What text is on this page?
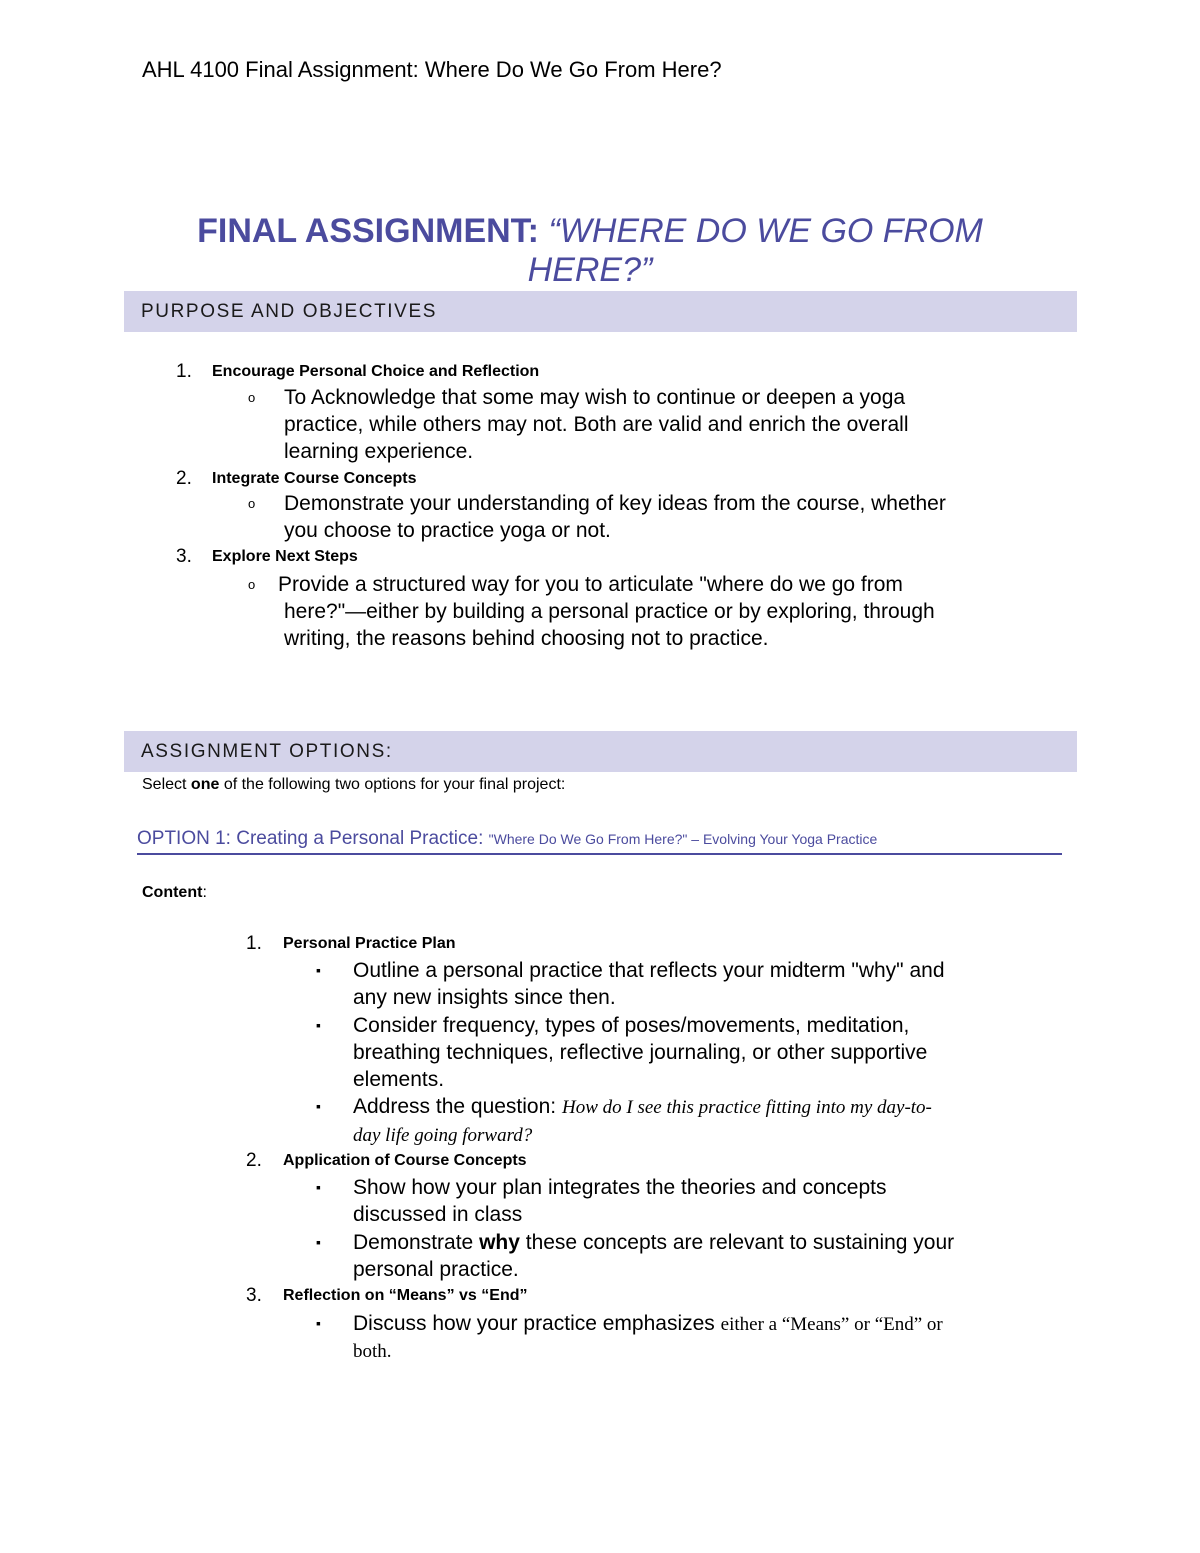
AHL 4100 Final Assignment: Where Do We Go From Here?
FINAL ASSIGNMENT: “WHERE DO WE GO FROM HERE?”
PURPOSE AND OBJECTIVES
1. Encourage Personal Choice and Reflection
o To Acknowledge that some may wish to continue or deepen a yoga
practice, while others may not. Both are valid and enrich the overall
learning experience.
2. Integrate Course Concepts
o Demonstrate your understanding of key ideas from the course, whether
you choose to practice yoga or not.
3. Explore Next Steps
o Provide a structured way for you to articulate "where do we go from
here?"—either by building a personal practice or by exploring, through
writing, the reasons behind choosing not to practice.
ASSIGNMENT OPTIONS:
Select one of the following two options for your final project:
OPTION 1: Creating a Personal Practice: "Where Do We Go From Here?" – Evolving Your Yoga Practice
Content:
1. Personal Practice Plan
▪ Outline a personal practice that reflects your midterm "why" and
any new insights since then.
▪ Consider frequency, types of poses/movements, meditation,
breathing techniques, reflective journaling, or other supportive
elements.
▪ Address the question: How do I see this practice fitting into my day-to-
day life going forward?
2. Application of Course Concepts
▪ Show how your plan integrates the theories and concepts
discussed in class
▪ Demonstrate why these concepts are relevant to sustaining your
personal practice.
3. Reflection on “Means” vs “End”
▪ Discuss how your practice emphasizes either a “Means” or “End” or
both.
